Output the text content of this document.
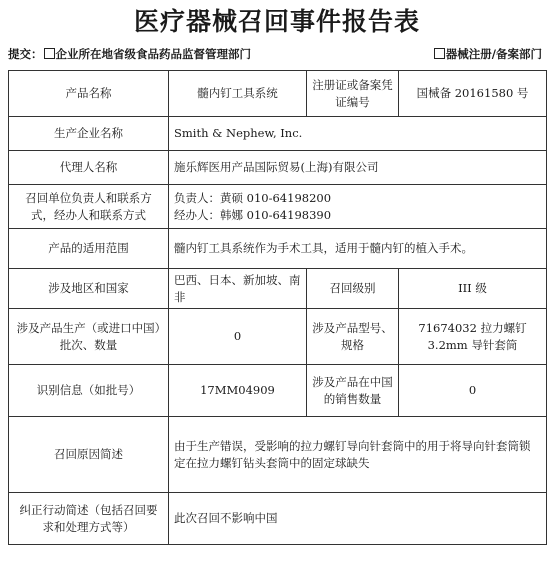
医疗器械召回事件报告表
提交： 企业所在地省级食品药品监督管理部门	器械注册/备案部门
产品名称	髓内钉工具系统	注册证或备案凭证编号	国械备 20161580 号
生产企业名称	Smith & Nephew, Inc.		
代理人名称	施乐辉医用产品国际贸易(上海)有限公司		
召回单位负责人和联系方式，经办人和联系方式	负责人：黄硕 010-64198200
经办人：韩娜 010-64198390		

产品的适用范围	髓内钉工具系统作为手术工具，适用于髓内钉的植入手术。		
涉及地区和国家	巴西、日本、新加坡、南非	召回级别	III 级
涉及产品生产（或进口中国）批次、数量	0	涉及产品型号、规格	71674032 拉力螺钉 3.2mm 导针套筒
识别信息（如批号）	17MM04909	涉及产品在中国的销售数量	0
召回原因简述	由于生产错误，受影响的拉力螺钉导向针套筒中的用于将导向针套筒锁定在拉力螺钉钻头套筒中的固定球缺失		
纠正行动简述（包括召回要求和处理方式等）	此次召回不影响中国		
